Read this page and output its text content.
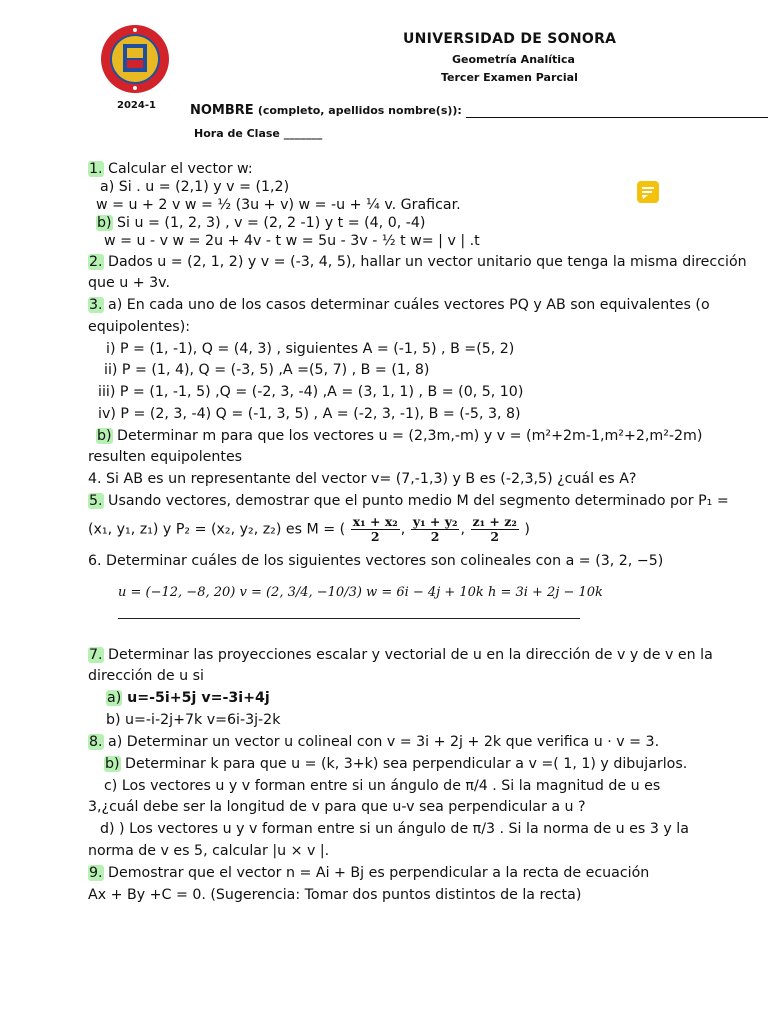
2024-1
UNIVERSIDAD DE SONORA
Geometría Analítica
Tercer Examen Parcial
NOMBRE (completo, apellidos nombre(s)):
Hora de Clase _______
1. Calcular el vector w:
a) Si . u = (2,1) y v = (1,2)
w = u + 2 v w = ½ (3u + v) w = -u + ¼ v. Graficar.
b) Si u = (1, 2, 3) , v = (2, 2 -1) y t = (4, 0, -4)
w = u - v w = 2u + 4v - t w = 5u - 3v - ½ t w= | v | .t
2. Dados u = (2, 1, 2) y v = (-3, 4, 5), hallar un vector unitario que tenga la misma dirección
que u + 3v.
3. a) En cada uno de los casos determinar cuáles vectores PQ y AB son equivalentes (o
equipolentes):
i) P = (1, -1), Q = (4, 3) , siguientes A = (-1, 5) , B =(5, 2)
ii) P = (1, 4), Q = (-3, 5) ,A =(5, 7) , B = (1, 8)
iii) P = (1, -1, 5) ,Q = (-2, 3, -4) ,A = (3, 1, 1) , B = (0, 5, 10)
iv) P = (2, 3, -4) Q = (-1, 3, 5) , A = (-2, 3, -1), B = (-5, 3, 8)
b) Determinar m para que los vectores u = (2,3m,-m) y v = (m²+2m-1,m²+2,m²-2m)
resulten equipolentes
4. Si AB es un representante del vector v= (7,-1,3) y B es (-2,3,5) ¿cuál es A?
5. Usando vectores, demostrar que el punto medio M del segmento determinado por P₁ =
(x₁, y₁, z₁) y P₂ = (x₂, y₂, z₂) es M = ( $\frac{\text{x₁ + x₂}}{2}$ , $\frac{\text{y₁ + y₂}}{2}$ , $\frac{\text{z₁ + z₂}}{2}$ )
6. Determinar cuáles de los siguientes vectores son colineales con a = (3, 2, −5)
u = (−12, −8, 20) v = (2, 3/4, −10/3) w = 6i − 4j + 10k h = 3i + 2j − 10k
7. Determinar las proyecciones escalar y vectorial de u en la dirección de v y de v en la
dirección de u si
a) u=-5i+5j v=-3i+4j
b) u=-i-2j+7k v=6i-3j-2k
8. a) Determinar un vector u colineal con v = 3i + 2j + 2k que verifica u · v = 3.
b) Determinar k para que u = (k, 3+k) sea perpendicular a v =( 1, 1) y dibujarlos.
c) Los vectores u y v forman entre si un ángulo de π/4 . Si la magnitud de u es
3,¿cuál debe ser la longitud de v para que u-v sea perpendicular a u ?
d) ) Los vectores u y v forman entre si un ángulo de π/3 . Si la norma de u es 3 y la
norma de v es 5, calcular |u × v |.
9. Demostrar que el vector n = Ai + Bj es perpendicular a la recta de ecuación
Ax + By +C = 0. (Sugerencia: Tomar dos puntos distintos de la recta)
